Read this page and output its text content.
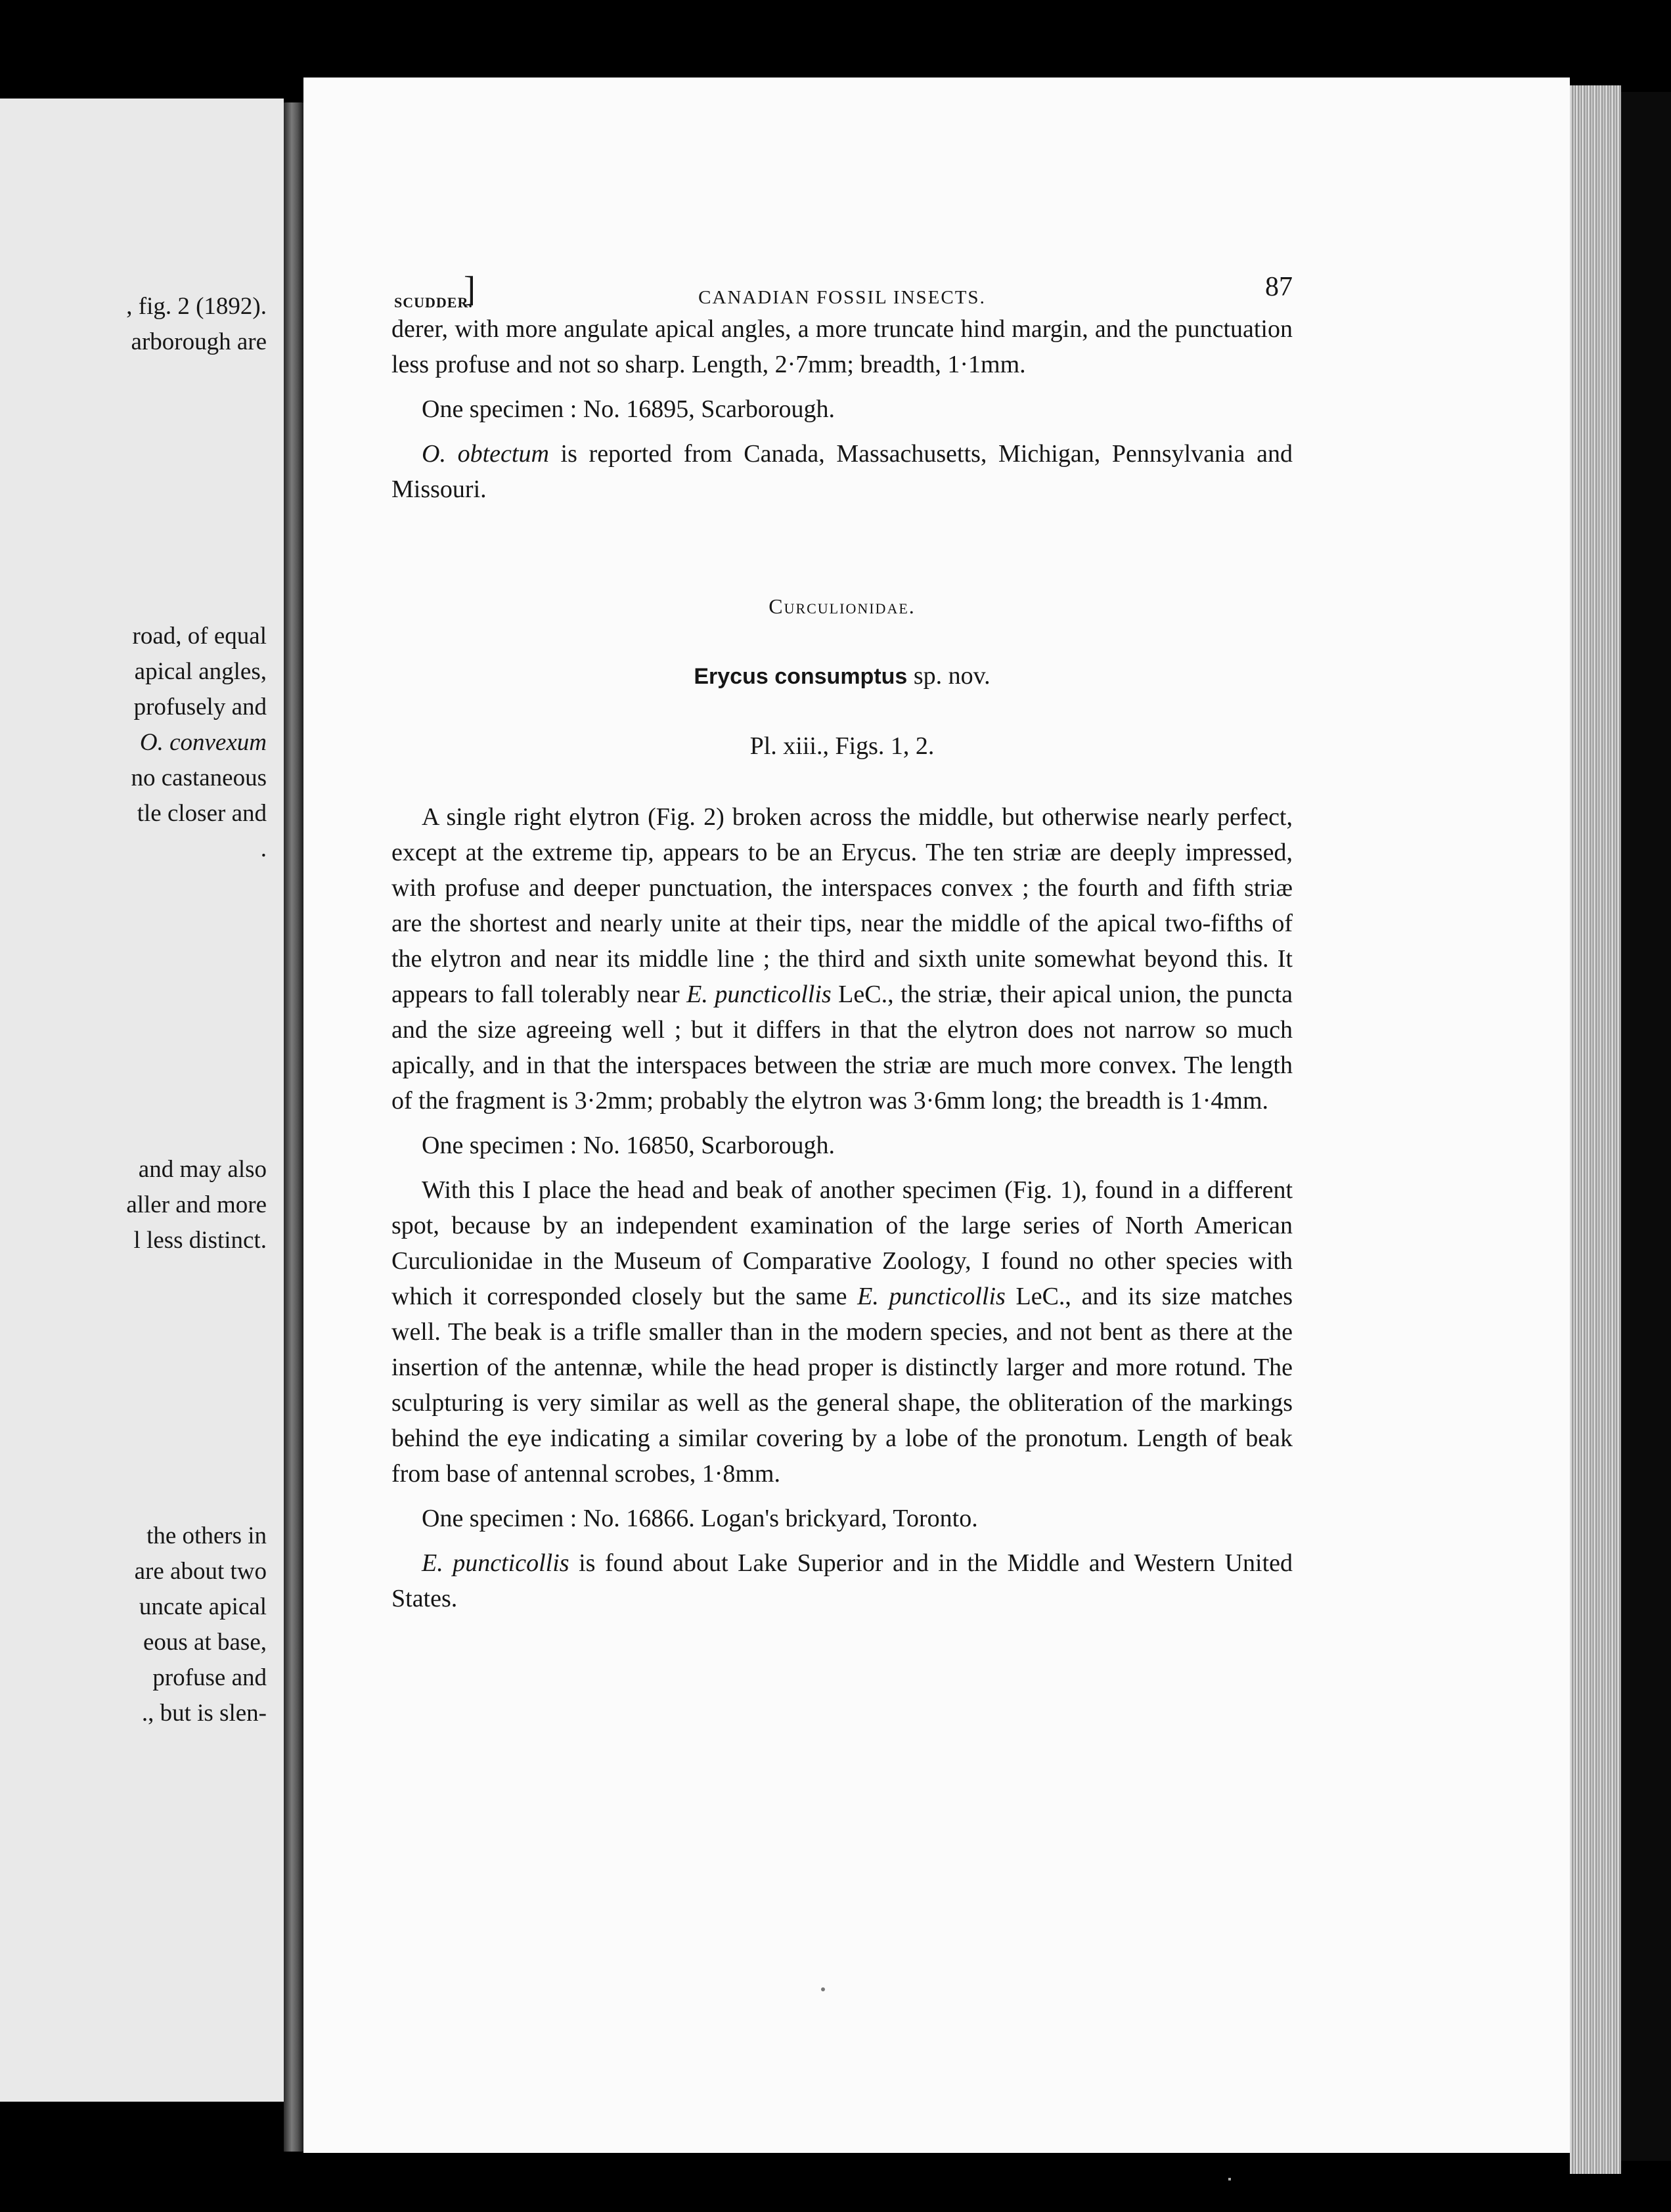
, fig. 2 (1892).
arborough are
road, of equal
apical angles,
profusely and
O. convexum
no castaneous
tle closer and
.
and may also
aller and more
l less distinct.
the others in
are about two
uncate apical
eous at base,
profuse and
., but is slen-
SCUDDER.
]	CANADIAN FOSSIL INSECTS.	87

derer, with more angulate apical angles, a more truncate hind margin, and the punctuation less profuse and not so sharp. Length, 2·7mm; breadth, 1·1mm.

One specimen : No. 16895, Scarborough.

O. obtectum is reported from Canada, Massachusetts, Michigan, Pennsylvania and Missouri.

Curculionidae.

Erycus consumptus sp. nov.

Pl. xiii., Figs. 1, 2.

A single right elytron (Fig. 2) broken across the middle, but otherwise nearly perfect, except at the extreme tip, appears to be an Erycus. The ten striæ are deeply impressed, with profuse and deeper punctuation, the interspaces convex ; the fourth and fifth striæ are the shortest and nearly unite at their tips, near the middle of the apical two-fifths of the elytron and near its middle line ; the third and sixth unite somewhat beyond this. It appears to fall tolerably near E. puncticollis LeC., the striæ, their apical union, the puncta and the size agreeing well ; but it differs in that the elytron does not narrow so much apically, and in that the interspaces between the striæ are much more convex. The length of the fragment is 3·2mm; probably the elytron was 3·6mm long; the breadth is 1·4mm.

One specimen : No. 16850, Scarborough.

With this I place the head and beak of another specimen (Fig. 1), found in a different spot, because by an independent examination of the large series of North American Curculionidae in the Museum of Comparative Zoology, I found no other species with which it corresponded closely but the same E. puncticollis LeC., and its size matches well. The beak is a trifle smaller than in the modern species, and not bent as there at the insertion of the antennæ, while the head proper is distinctly larger and more rotund. The sculpturing is very similar as well as the general shape, the obliteration of the markings behind the eye indicating a similar covering by a lobe of the pronotum. Length of beak from base of antennal scrobes, 1·8mm.

One specimen : No. 16866. Logan's brickyard, Toronto.

E. puncticollis is found about Lake Superior and in the Middle and Western United States.
